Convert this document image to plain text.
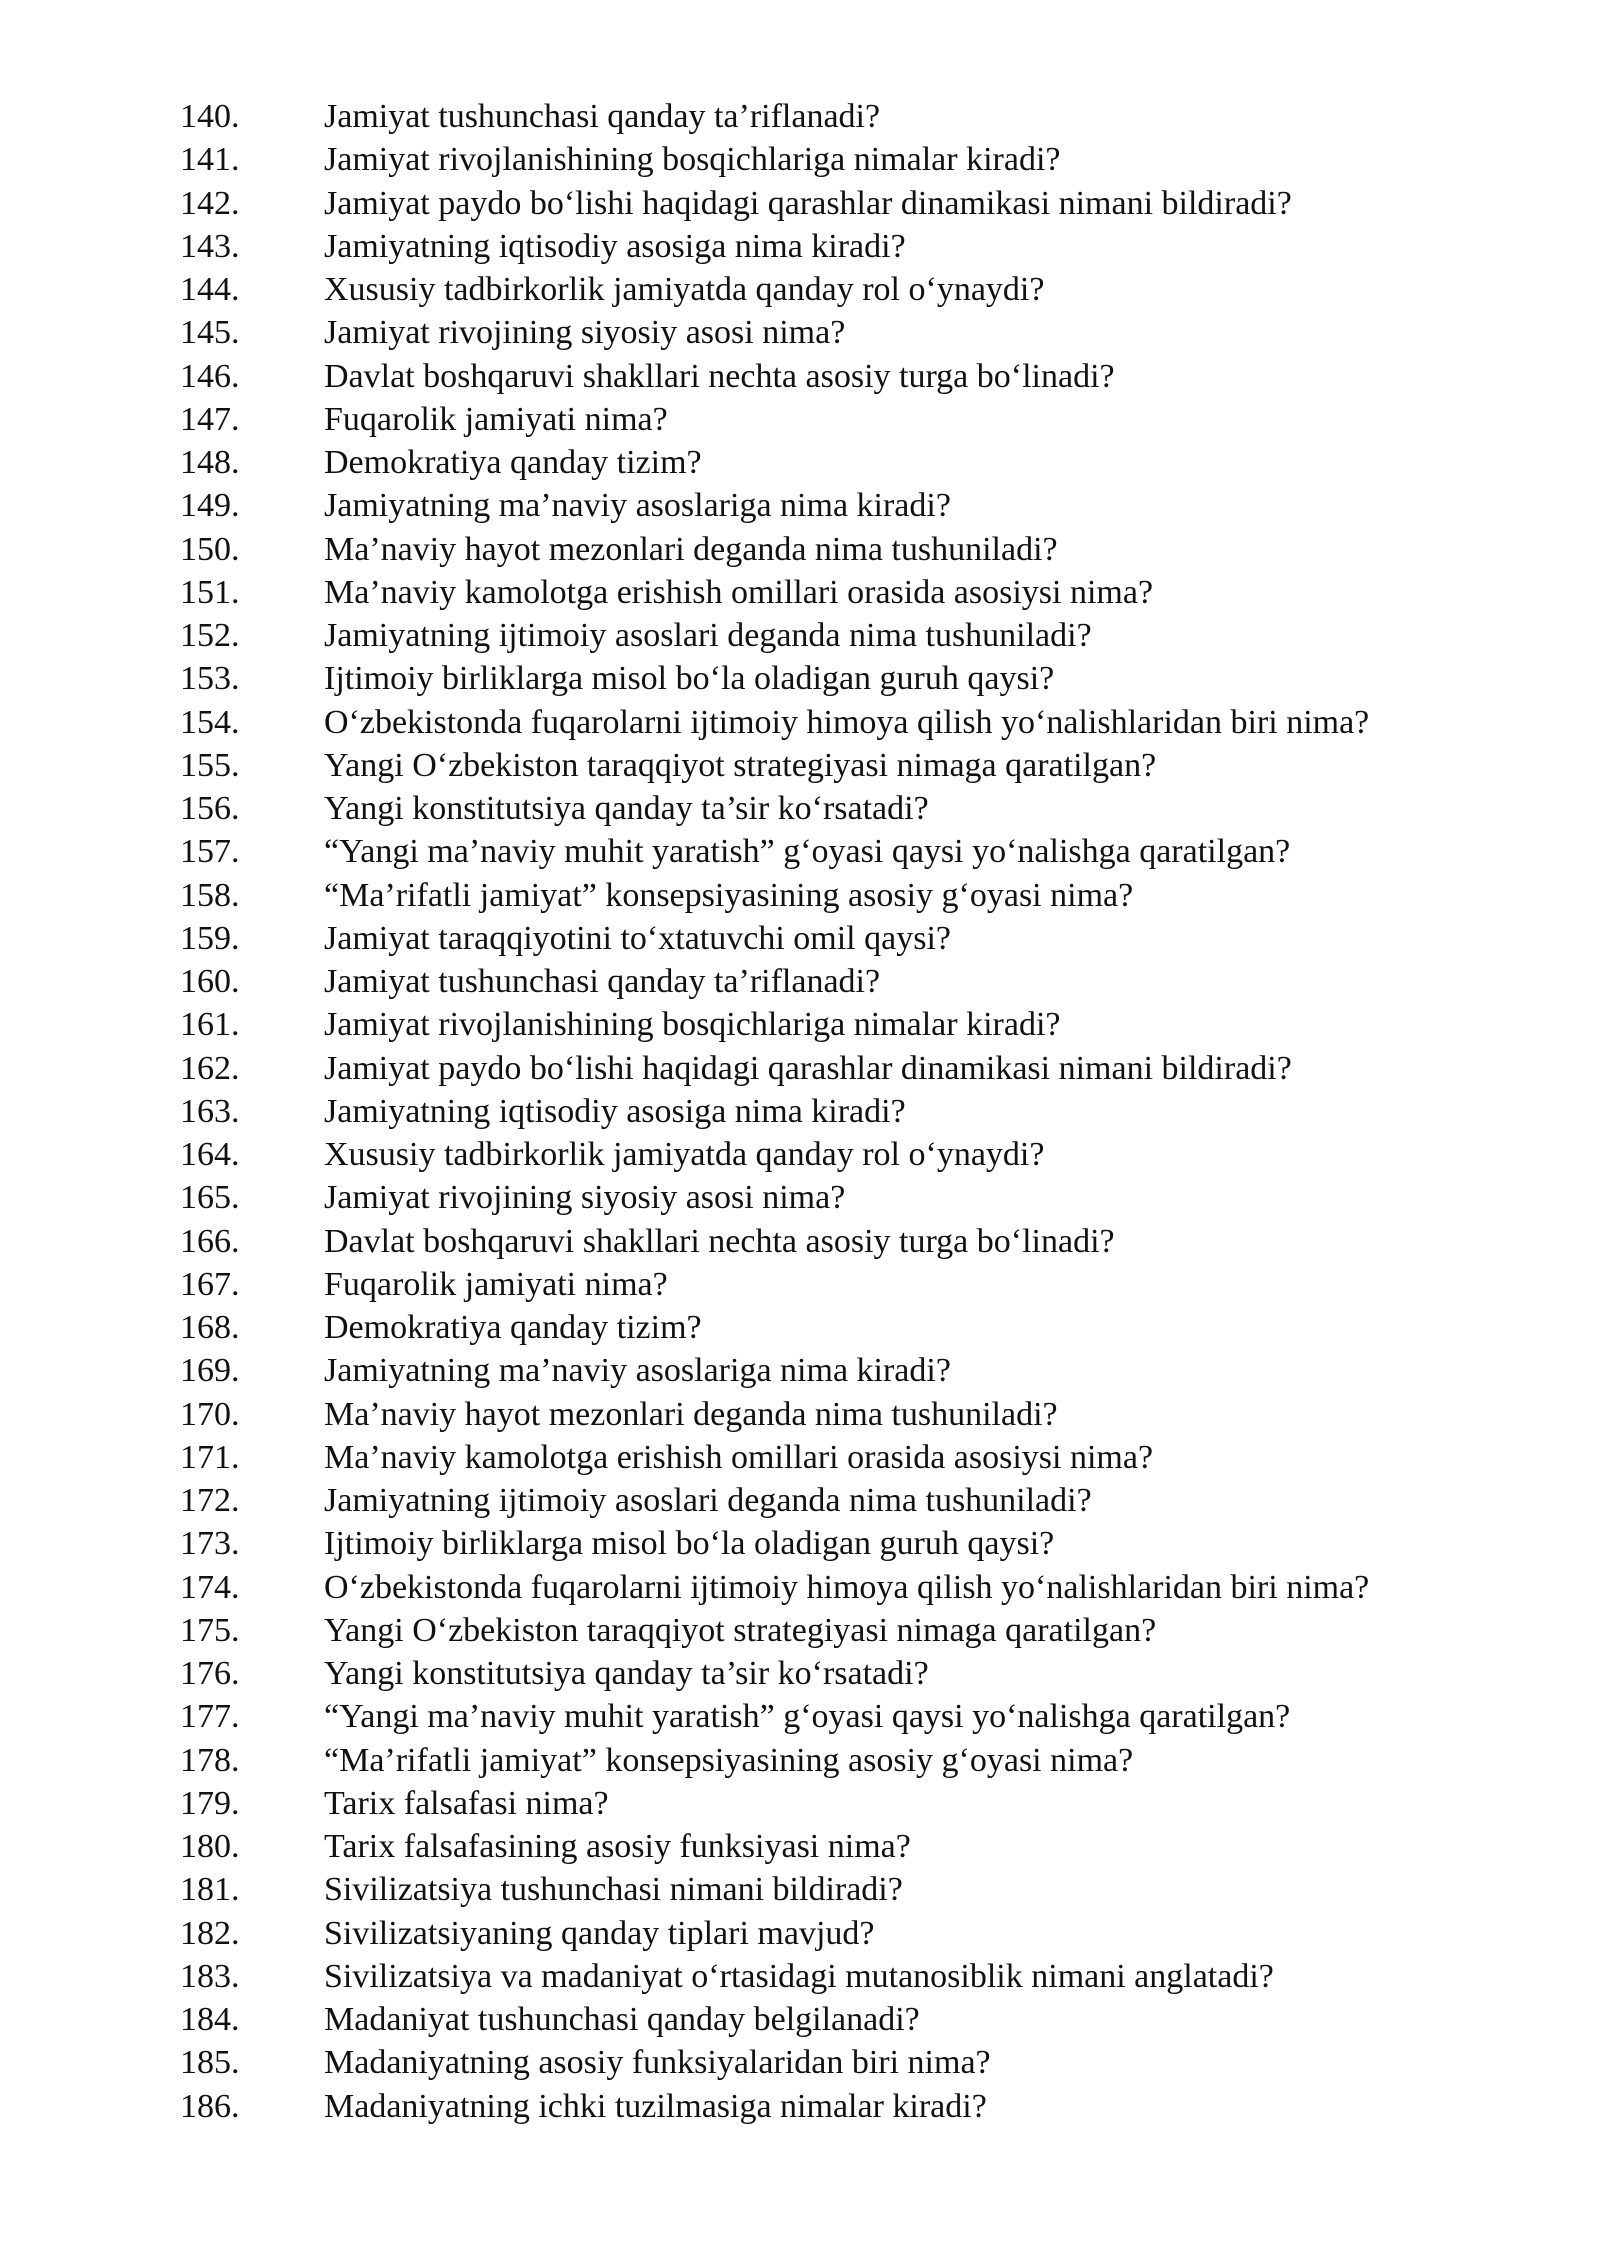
140. Jamiyat tushunchasi qanday ta’riflanadi?
141. Jamiyat rivojlanishining bosqichlariga nimalar kiradi?
142. Jamiyat paydo bo‘lishi haqidagi qarashlar dinamikasi nimani bildiradi?
143. Jamiyatning iqtisodiy asosiga nima kiradi?
144. Xususiy tadbirkorlik jamiyatda qanday rol o‘ynaydi?
145. Jamiyat rivojining siyosiy asosi nima?
146. Davlat boshqaruvi shakllari nechta asosiy turga bo‘linadi?
147. Fuqarolik jamiyati nima?
148. Demokratiya qanday tizim?
149. Jamiyatning ma’naviy asoslariga nima kiradi?
150. Ma’naviy hayot mezonlari deganda nima tushuniladi?
151. Ma’naviy kamolotga erishish omillari orasida asosiysi nima?
152. Jamiyatning ijtimoiy asoslari deganda nima tushuniladi?
153. Ijtimoiy birliklarga misol bo‘la oladigan guruh qaysi?
154. O‘zbekistonda fuqarolarni ijtimoiy himoya qilish yo‘nalishlaridan biri nima?
155. Yangi O‘zbekiston taraqqiyot strategiyasi nimaga qaratilgan?
156. Yangi konstitutsiya qanday ta’sir ko‘rsatadi?
157. “Yangi ma’naviy muhit yaratish” g‘oyasi qaysi yo‘nalishga qaratilgan?
158. “Ma’rifatli jamiyat” konsepsiyasining asosiy g‘oyasi nima?
159. Jamiyat taraqqiyotini to‘xtatuvchi omil qaysi?
160. Jamiyat tushunchasi qanday ta’riflanadi?
161. Jamiyat rivojlanishining bosqichlariga nimalar kiradi?
162. Jamiyat paydo bo‘lishi haqidagi qarashlar dinamikasi nimani bildiradi?
163. Jamiyatning iqtisodiy asosiga nima kiradi?
164. Xususiy tadbirkorlik jamiyatda qanday rol o‘ynaydi?
165. Jamiyat rivojining siyosiy asosi nima?
166. Davlat boshqaruvi shakllari nechta asosiy turga bo‘linadi?
167. Fuqarolik jamiyati nima?
168. Demokratiya qanday tizim?
169. Jamiyatning ma’naviy asoslariga nima kiradi?
170. Ma’naviy hayot mezonlari deganda nima tushuniladi?
171. Ma’naviy kamolotga erishish omillari orasida asosiysi nima?
172. Jamiyatning ijtimoiy asoslari deganda nima tushuniladi?
173. Ijtimoiy birliklarga misol bo‘la oladigan guruh qaysi?
174. O‘zbekistonda fuqarolarni ijtimoiy himoya qilish yo‘nalishlaridan biri nima?
175. Yangi O‘zbekiston taraqqiyot strategiyasi nimaga qaratilgan?
176. Yangi konstitutsiya qanday ta’sir ko‘rsatadi?
177. “Yangi ma’naviy muhit yaratish” g‘oyasi qaysi yo‘nalishga qaratilgan?
178. “Ma’rifatli jamiyat” konsepsiyasining asosiy g‘oyasi nima?
179. Tarix falsafasi nima?
180. Tarix falsafasining asosiy funksiyasi nima?
181. Sivilizatsiya tushunchasi nimani bildiradi?
182. Sivilizatsiyaning qanday tiplari mavjud?
183. Sivilizatsiya va madaniyat o‘rtasidagi mutanosiblik nimani anglatadi?
184. Madaniyat tushunchasi qanday belgilanadi?
185. Madaniyatning asosiy funksiyalaridan biri nima?
186. Madaniyatning ichki tuzilmasiga nimalar kiradi?
